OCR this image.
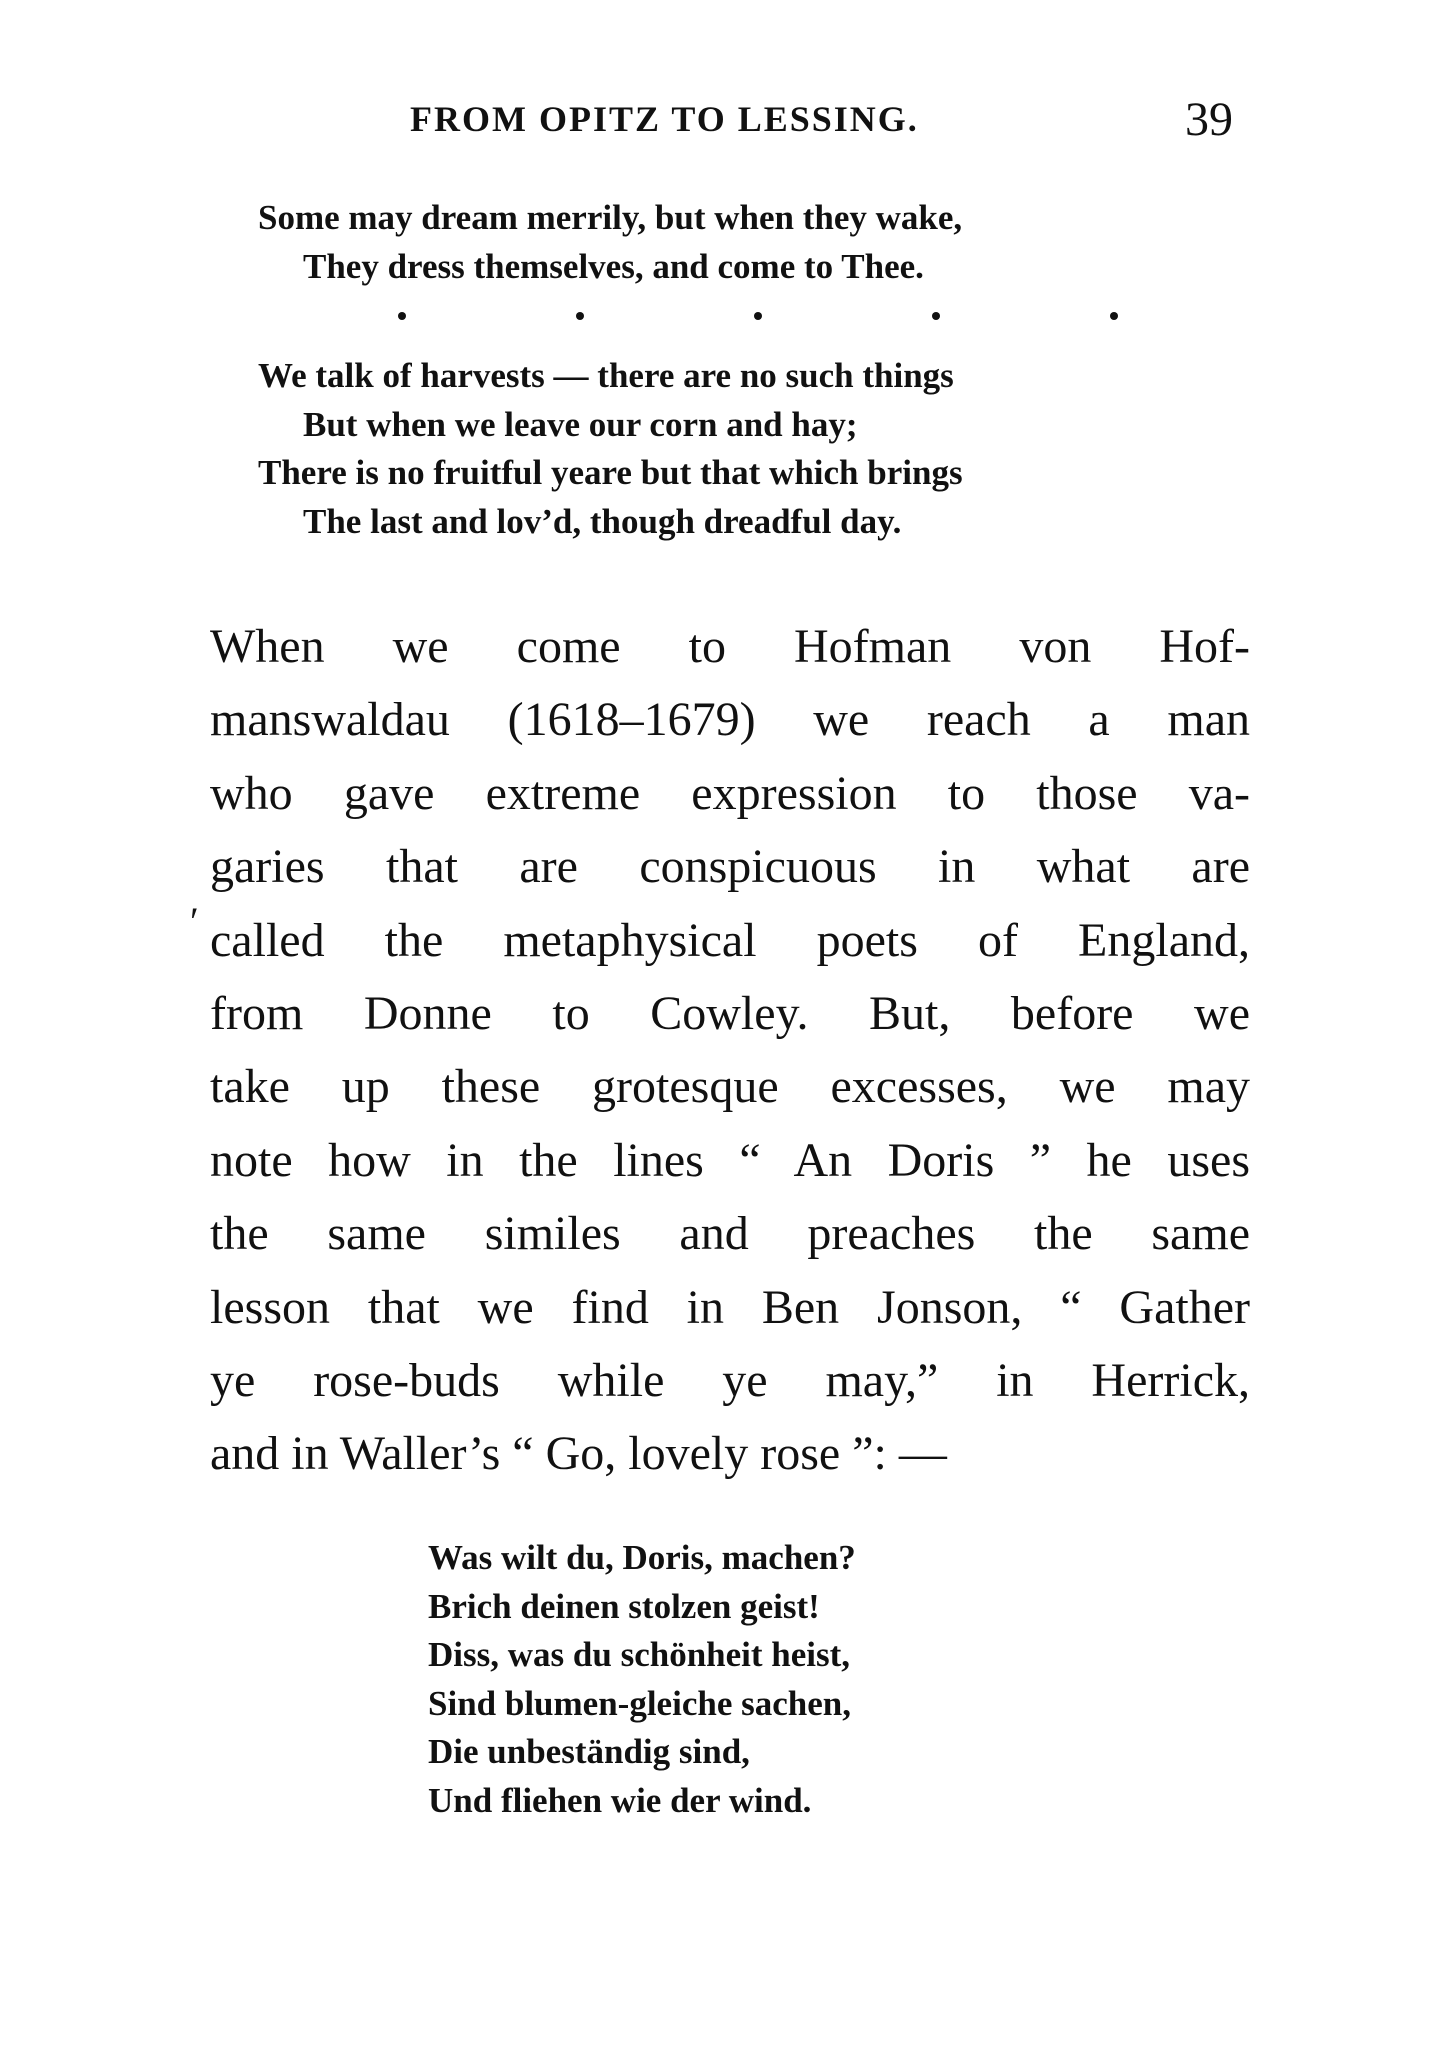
FROM OPITZ TO LESSING.	39
Some may dream merrily, but when they wake,
They dress themselves, and come to Thee.
We talk of harvests — there are no such things
But when we leave our corn and hay;
There is no fruitful yeare but that which brings
The last and lov’d, though dreadful day.
′
When we come to Hofman von Hof-
manswaldau (1618–1679) we reach a man
who gave extreme expression to those va-
garies that are conspicuous in what are
called the metaphysical poets of England,
from Donne to Cowley. But, before we
take up these grotesque excesses, we may
note how in the lines “ An Doris ” he uses
the same similes and preaches the same
lesson that we find in Ben Jonson, “ Gather
ye rose-buds while ye may,” in Herrick,
and in Waller’s “ Go, lovely rose ”: —
Was wilt du, Doris, machen?
Brich deinen stolzen geist!
Diss, was du schönheit heist,
Sind blumen-gleiche sachen,
Die unbeständig sind,
Und fliehen wie der wind.
